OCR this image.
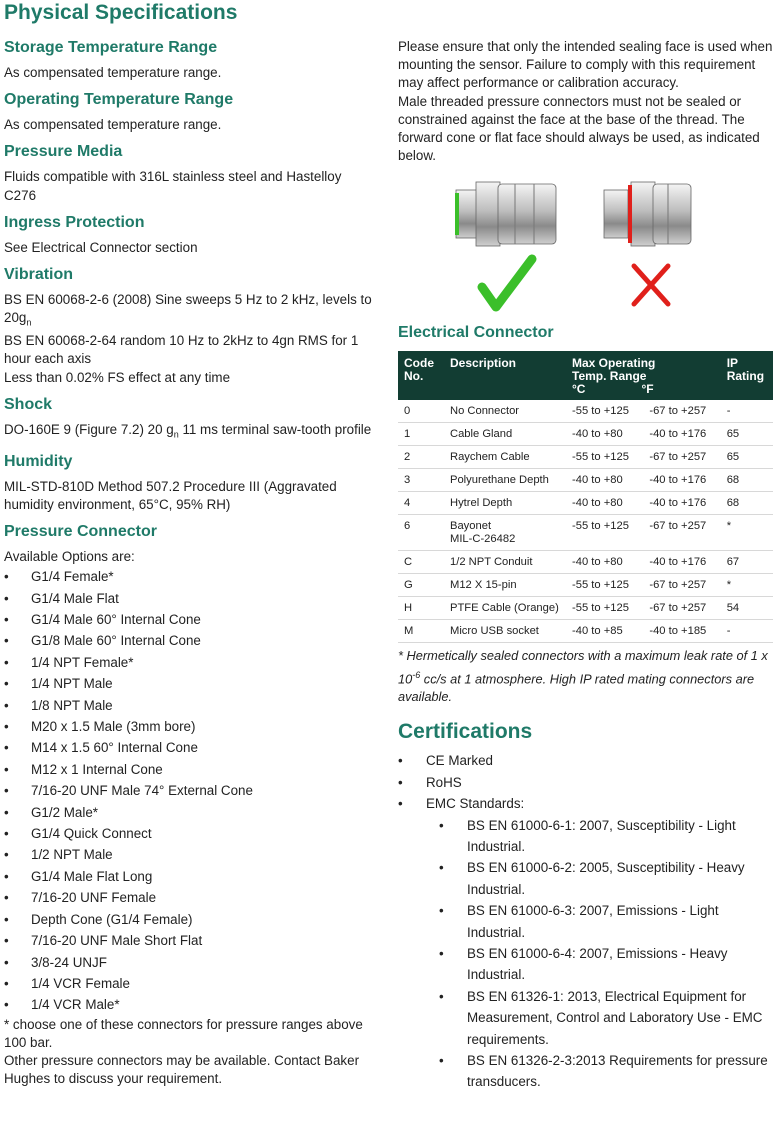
Physical Specifications

Storage Temperature Range

As compensated temperature range.

Operating Temperature Range

As compensated temperature range.

Pressure Media

Fluids compatible with 316L stainless steel and Hastelloy C276

Ingress Protection

See Electrical Connector section

Vibration

BS EN 60068-2-6 (2008) Sine sweeps 5 Hz to 2 kHz, levels to $20g_n$

BS EN 60068-2-64 random 10 Hz to 2kHz to 4gn RMS for 1 hour each axis

Less than 0.02% FS effect at any time

Shock

DO-160E 9 (Figure 7.2) 20 $g_n$ 11 ms terminal saw-tooth profile

Humidity

MIL-STD-810D Method 507.2 Procedure III (Aggravated humidity environment, 65°C, 95% RH)

Pressure Connector

Available Options are:

• G1/4 Female*
• G1/4 Male Flat
• G1/4 Male 60° Internal Cone
• G1/8 Male 60° Internal Cone
• 1/4 NPT Female*
• 1/4 NPT Male
• 1/8 NPT Male
• M20 x 1.5 Male (3mm bore)
• M14 x 1.5 60° Internal Cone
• M12 x 1 Internal Cone
• 7/16-20 UNF Male 74° External Cone
• G1/2 Male*
• G1/4 Quick Connect
• 1/2 NPT Male
• G1/4 Male Flat Long
• 7/16-20 UNF Female
• Depth Cone (G1/4 Female)
• 7/16-20 UNF Male Short Flat
• 3/8-24 UNJF
• 1/4 VCR Female
• 1/4 VCR Male*

* choose one of these connectors for pressure ranges above 100 bar.

Other pressure connectors may be available. Contact Baker Hughes to discuss your requirement.

Please ensure that only the intended sealing face is used when mounting the sensor. Failure to comply with this requirement may affect performance or calibration accuracy.

Male threaded pressure connectors must not be sealed or constrained against the face at the base of the thread. The forward cone or flat face should always be used, as indicated below.

Electrical Connector

Code
No.	Description	Max Operating
Temp. Range
°C °F		IP
Rating
0	No Connector	-55 to +125	-67 to +257	-
1	Cable Gland	-40 to +80	-40 to +176	65
2	Raychem Cable	-55 to +125	-67 to +257	65
3	Polyurethane Depth	-40 to +80	-40 to +176	68
4	Hytrel Depth	-40 to +80	-40 to +176	68
6	Bayonet
MIL-C-26482	-55 to +125	-67 to +257	*
C	1/2 NPT Conduit	-40 to +80	-40 to +176	67
G	M12 X 15-pin	-55 to +125	-67 to +257	*
H	PTFE Cable (Orange)	-55 to +125	-67 to +257	54
M	Micro USB socket	-40 to +85	-40 to +185	-

* Hermetically sealed connectors with a maximum leak rate of 1 x $10^{-6}$ cc/s at 1 atmosphere. High IP rated mating connectors are available.

Certifications

• CE Marked
• RoHS
• EMC Standards:
• BS EN 61000-6-1: 2007, Susceptibility - Light Industrial.
• BS EN 61000-6-2: 2005, Susceptibility - Heavy Industrial.
• BS EN 61000-6-3: 2007, Emissions - Light Industrial.
• BS EN 61000-6-4: 2007, Emissions - Heavy Industrial.
• BS EN 61326-1: 2013, Electrical Equipment for Measurement, Control and Laboratory Use - EMC requirements.
• BS EN 61326-2-3:2013 Requirements for pressure transducers.
